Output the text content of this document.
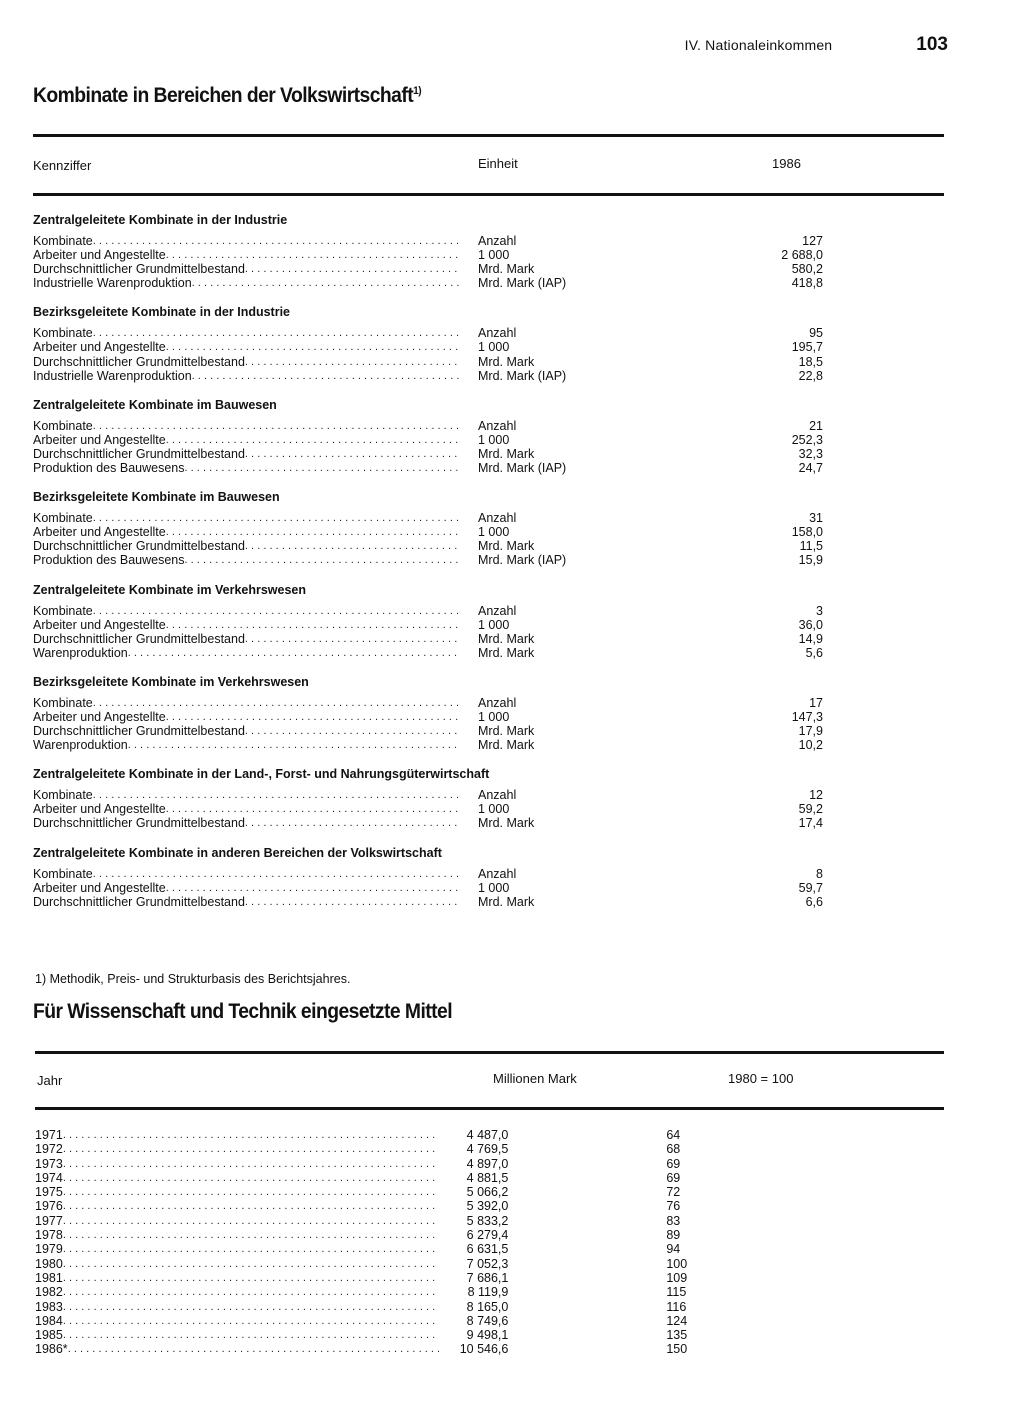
IV. Nationaleinkommen	103
Kombinate in Bereichen der Volkswirtschaft$^{1)}$
Kennziffer	Einheit	1986
Zentralgeleitete Kombinate in der Industrie
Kombinate .....	Anzahl	127
Arbeiter und Angestellte .....	1 000	2 688,0
Durchschnittlicher Grundmittelbestand .....	Mrd. Mark	580,2
Industrielle Warenproduktion .....	Mrd. Mark (IAP)	418,8
Bezirksgeleitete Kombinate in der Industrie
Kombinate .....	Anzahl	95
Arbeiter und Angestellte .....	1 000	195,7
Durchschnittlicher Grundmittelbestand .....	Mrd. Mark	18,5
Industrielle Warenproduktion .....	Mrd. Mark (IAP)	22,8
Zentralgeleitete Kombinate im Bauwesen
Kombinate .....	Anzahl	21
Arbeiter und Angestellte .....	1 000	252,3
Durchschnittlicher Grundmittelbestand .....	Mrd. Mark	32,3
Produktion des Bauwesens .....	Mrd. Mark (IAP)	24,7
Bezirksgeleitete Kombinate im Bauwesen
Kombinate .....	Anzahl	31
Arbeiter und Angestellte .....	1 000	158,0
Durchschnittlicher Grundmittelbestand .....	Mrd. Mark	11,5
Produktion des Bauwesens .....	Mrd. Mark (IAP)	15,9
Zentralgeleitete Kombinate im Verkehrswesen
Kombinate .....	Anzahl	3
Arbeiter und Angestellte .....	1 000	36,0
Durchschnittlicher Grundmittelbestand .....	Mrd. Mark	14,9
Warenproduktion .....	Mrd. Mark	5,6
Bezirksgeleitete Kombinate im Verkehrswesen
Kombinate .....	Anzahl	17
Arbeiter und Angestellte .....	1 000	147,3
Durchschnittlicher Grundmittelbestand .....	Mrd. Mark	17,9
Warenproduktion .....	Mrd. Mark	10,2
Zentralgeleitete Kombinate in der Land-, Forst- und Nahrungsgüterwirtschaft
Kombinate .....	Anzahl	12
Arbeiter und Angestellte .....	1 000	59,2
Durchschnittlicher Grundmittelbestand .....	Mrd. Mark	17,4
Zentralgeleitete Kombinate in anderen Bereichen der Volkswirtschaft
Kombinate .....	Anzahl	8
Arbeiter und Angestellte .....	1 000	59,7
Durchschnittlicher Grundmittelbestand .....	Mrd. Mark	6,6
1) Methodik, Preis- und Strukturbasis des Berichtsjahres.
Für Wissenschaft und Technik eingesetzte Mittel
Jahr	Millionen Mark	1980 = 100
1971 .....	4 487,0	64
1972 .....	4 769,5	68
1973 .....	4 897,0	69
1974 .....	4 881,5	69
1975 .....	5 066,2	72
1976 .....	5 392,0	76
1977 .....	5 833,2	83
1978 .....	6 279,4	89
1979 .....	6 631,5	94
1980 .....	7 052,3	100
1981 .....	7 686,1	109
1982 .....	8 119,9	115
1983 .....	8 165,0	116
1984 .....	8 749,6	124
1985 .....	9 498,1	135
1986* .....	10 546,6	150
